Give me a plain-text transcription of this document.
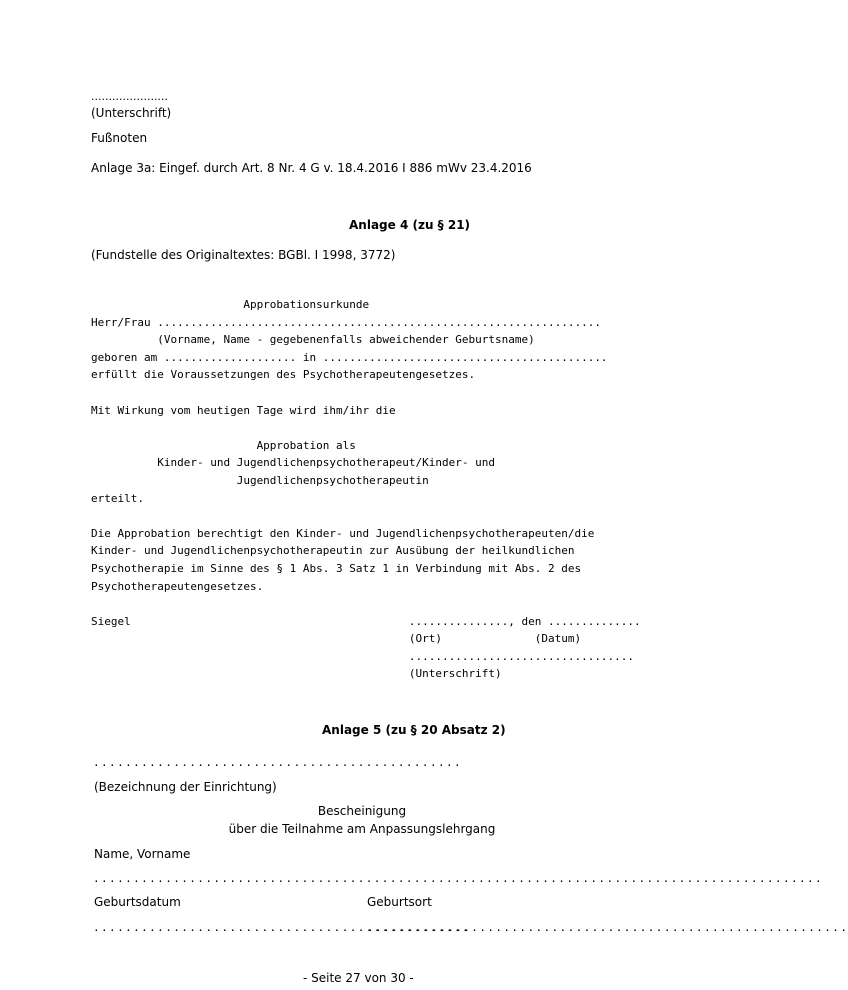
......................
(Unterschrift)
Fußnoten
Anlage 3a: Eingef. durch Art. 8 Nr. 4 G v. 18.4.2016 I 886 mWv 23.4.2016
Anlage 4 (zu § 21)
(Fundstelle des Originaltextes: BGBl. I 1998, 3772)
Approbationsurkunde
Herr/Frau ...................................................................
(Vorname, Name - gegebenenfalls abweichender Geburtsname)
geboren am .................... in ...........................................
erfüllt die Voraussetzungen des Psychotherapeutengesetzes.

Mit Wirkung vom heutigen Tage wird ihm/ihr die

Approbation als
Kinder- und Jugendlichenpsychotherapeut/Kinder- und
Jugendlichenpsychotherapeutin
erteilt.

Die Approbation berechtigt den Kinder- und Jugendlichenpsychotherapeuten/die
Kinder- und Jugendlichenpsychotherapeutin zur Ausübung der heilkundlichen
Psychotherapie im Sinne des § 1 Abs. 3 Satz 1 in Verbindung mit Abs. 2 des
Psychotherapeutengesetzes.

Siegel                                          ..............., den ..............
(Ort)              (Datum)
..................................
(Unterschrift)
Anlage 5 (zu § 20 Absatz 2)
..............................................
(Bezeichnung der Einrichtung)
Bescheinigung
über die Teilnahme am Anpassungslehrgang
Name, Vorname
...........................................................................................
Geburtsdatum	Geburtsort
...............................................
............................................................
- Seite 27 von 30 -
